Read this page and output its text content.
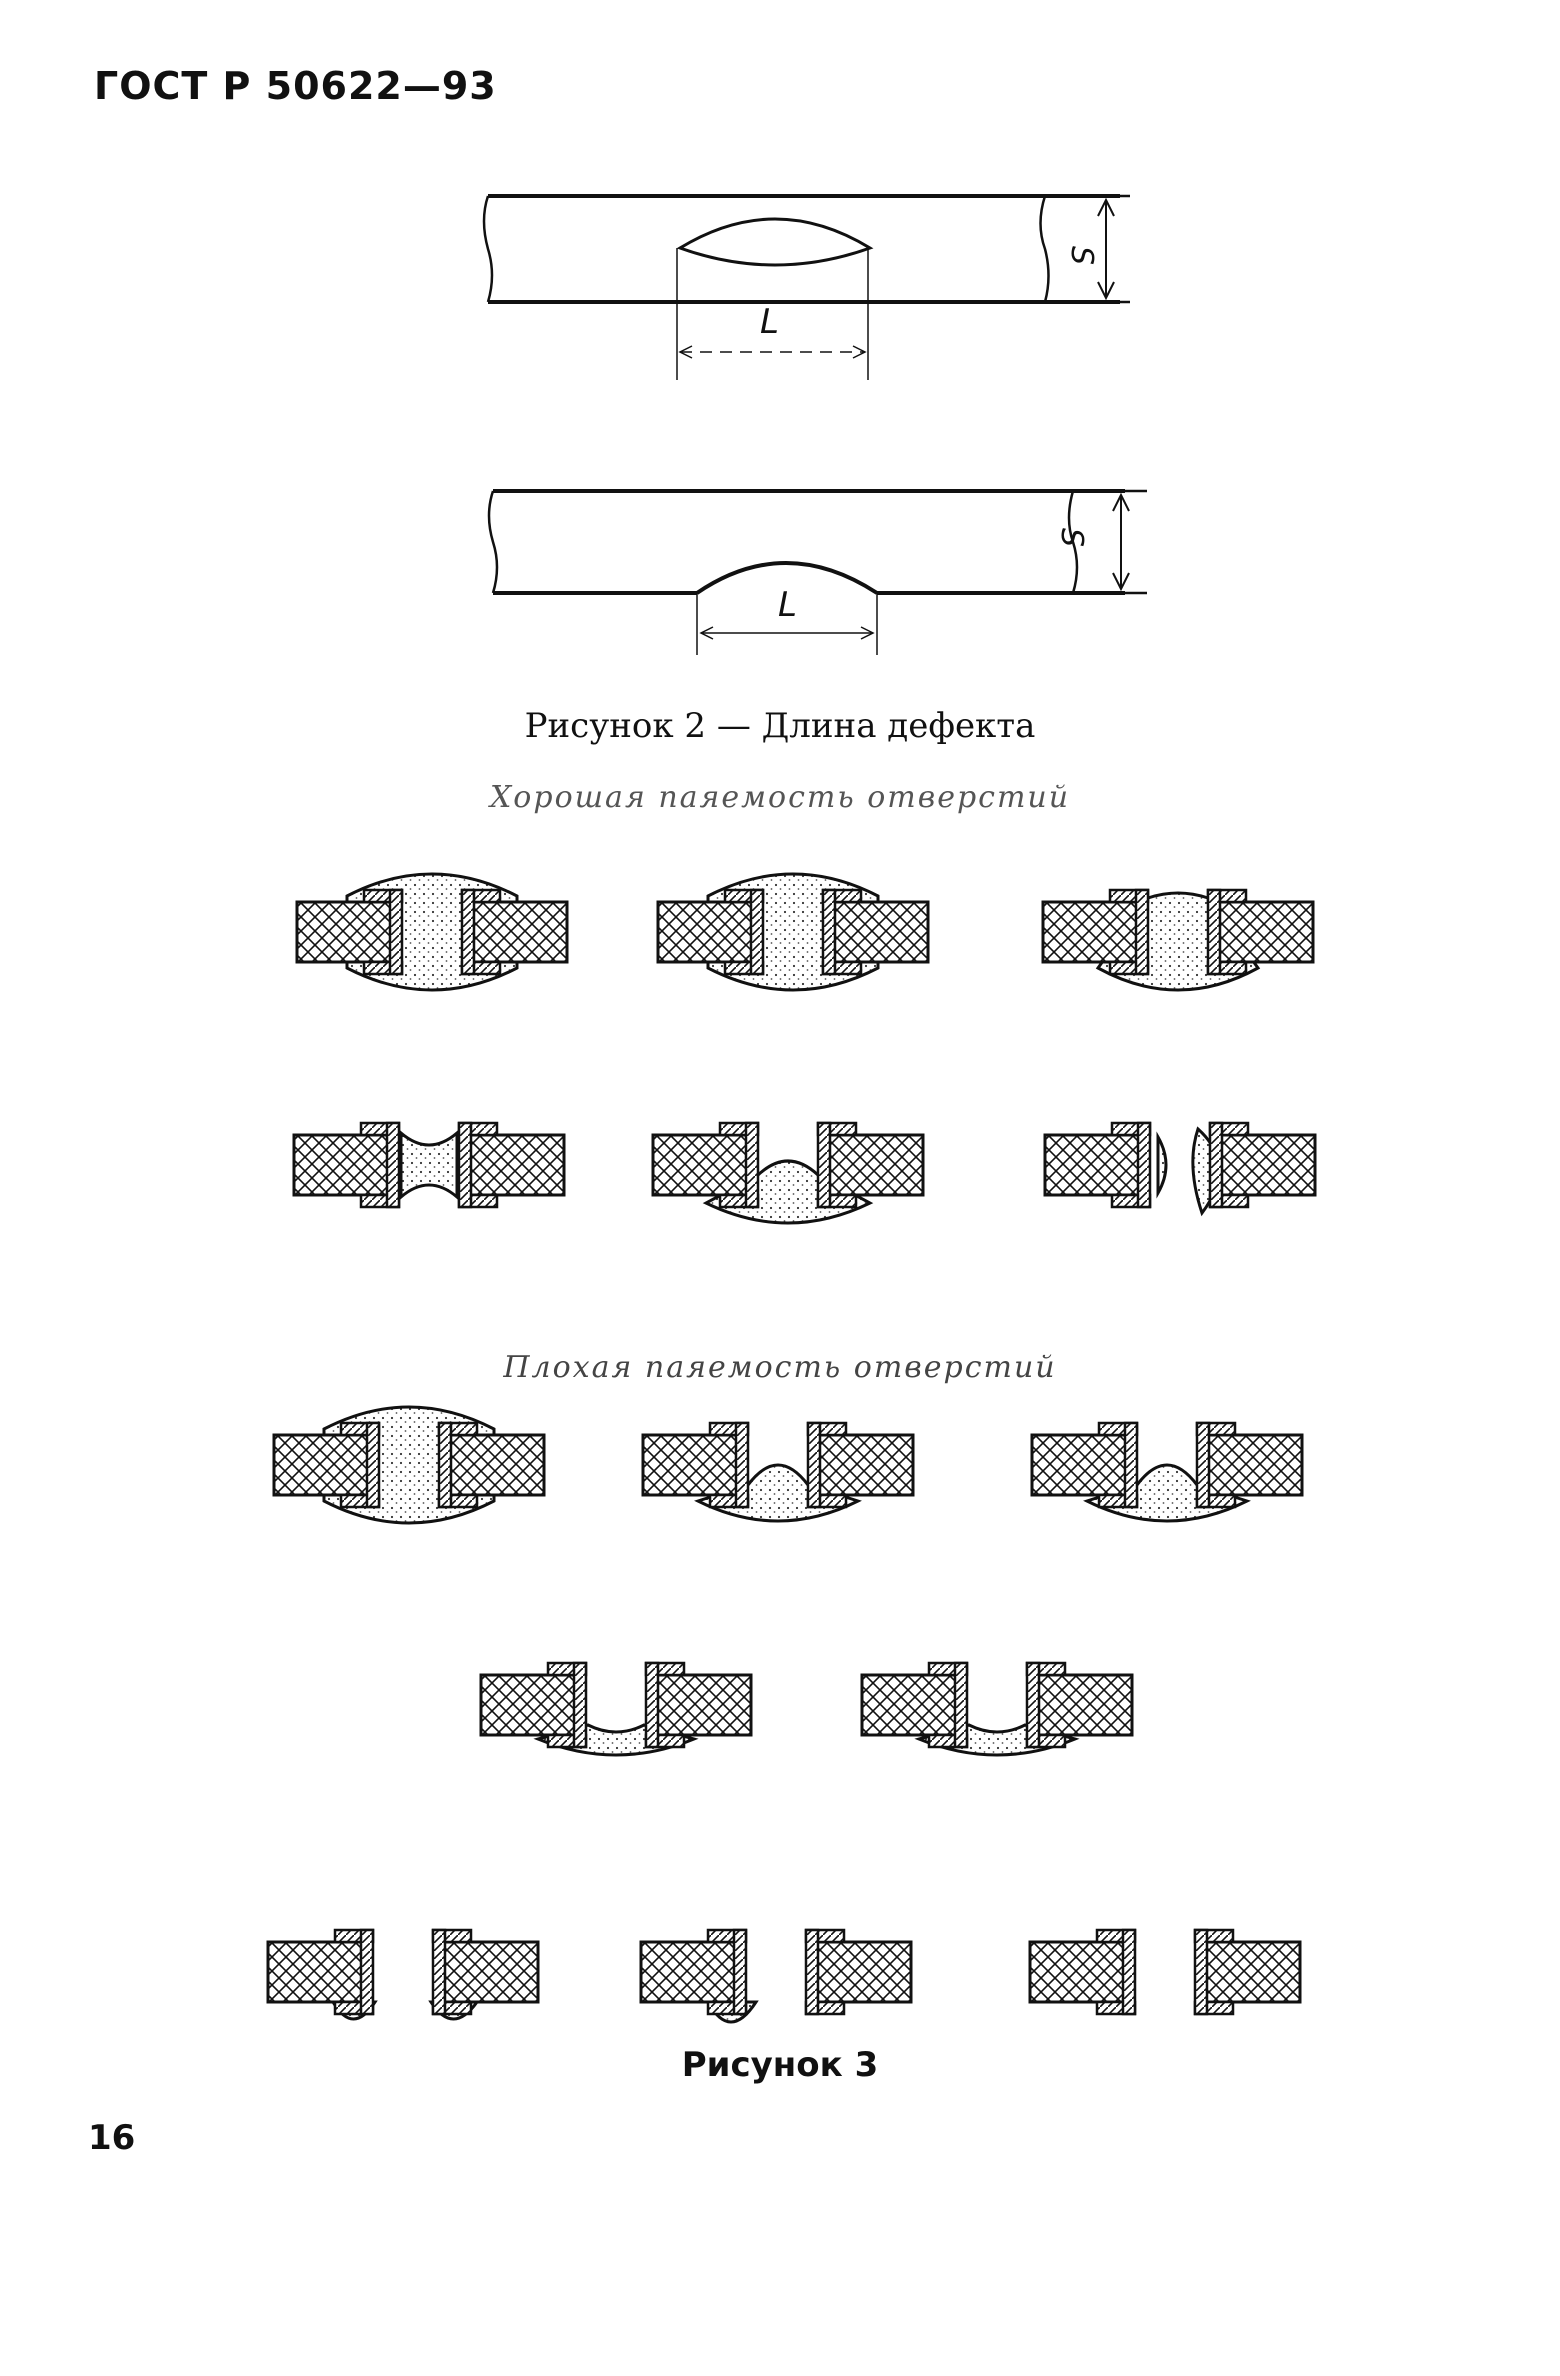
ГОСТ Р 50622—93
L
S
L
S
Рисунок 2 — Длина дефекта
Хорошая паяемость отверстий
Плохая паяемость отверстий
Рисунок 3
16
